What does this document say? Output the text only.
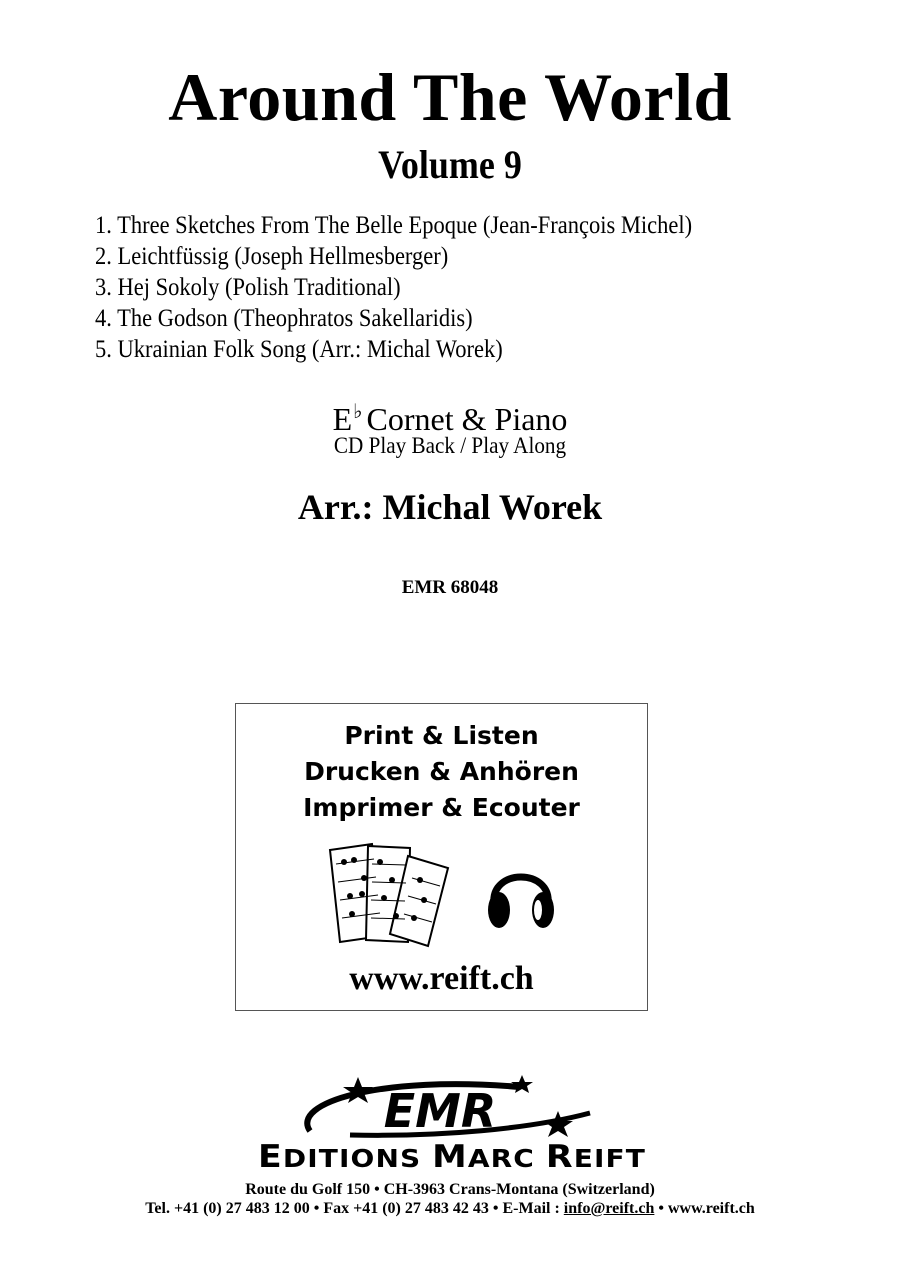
Around The World
Volume 9
1. Three Sketches From The Belle Epoque (Jean-François Michel)
2. Leichtfüssig (Joseph Hellmesberger)
3. Hej Sokoly (Polish Traditional)
4. The Godson (Theophratos Sakellaridis)
5. Ukrainian Folk Song (Arr.: Michal Worek)
E♭ Cornet & Piano
CD Play Back / Play Along
Arr.: Michal Worek
EMR 68048
Print & Listen
Drucken & Anhören
Imprimer & Ecouter
www.reift.ch
EMR
EDITIONS MARC REIFT
Route du Golf 150 • CH-3963 Crans-Montana (Switzerland)
Tel. +41 (0) 27 483 12 00 • Fax +41 (0) 27 483 42 43 • E-Mail : info@reift.ch • www.reift.ch
